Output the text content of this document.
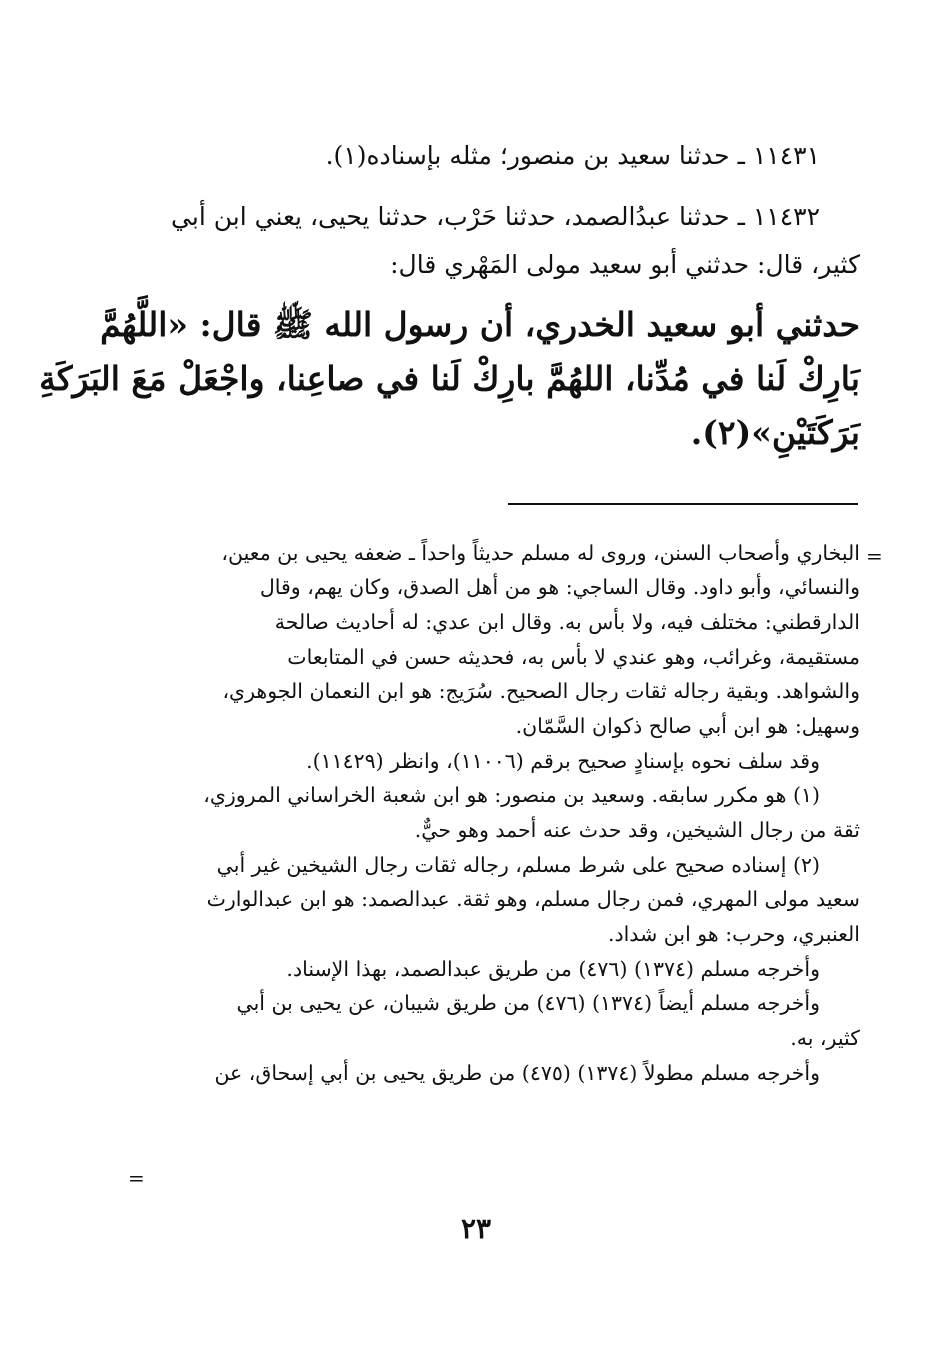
١١٤٣١ ـ حدثنا سعيد بن منصور؛ مثله بإسناده(١).
١١٤٣٢ ـ حدثنا عبدُالصمد، حدثنا حَرْب، حدثنا يحيى، يعني ابن أبي
كثير، قال: حدثني أبو سعيد مولى المَهْري قال:
حدثني أبو سعيد الخدري، أن رسول الله ﷺ قال: «اللَّهُمَّ
بَارِكْ لَنا في مُدِّنا، اللهُمَّ بارِكْ لَنا في صاعِنا، واجْعَلْ مَعَ البَرَكَةِ
بَرَكَتَيْنِ»(٢).
=
=
البخاري وأصحاب السنن، وروى له مسلم حديثاً واحداً ـ ضعفه يحيى بن معين،
والنسائي، وأبو داود. وقال الساجي: هو من أهل الصدق، وكان يهم، وقال
الدارقطني: مختلف فيه، ولا بأس به. وقال ابن عدي: له أحاديث صالحة
مستقيمة، وغرائب، وهو عندي لا بأس به، فحديثه حسن في المتابعات
والشواهد. وبقية رجاله ثقات رجال الصحيح. سُرَيج: هو ابن النعمان الجوهري،
وسهيل: هو ابن أبي صالح ذكوان السَّمّان.
وقد سلف نحوه بإسنادٍ صحيح برقم (١١٠٠٦)، وانظر (١١٤٢٩).
(١) هو مكرر سابقه. وسعيد بن منصور: هو ابن شعبة الخراساني المروزي،
ثقة من رجال الشيخين، وقد حدث عنه أحمد وهو حيٌّ.
(٢) إسناده صحيح على شرط مسلم، رجاله ثقات رجال الشيخين غير أبي
سعيد مولى المهري، فمن رجال مسلم، وهو ثقة. عبدالصمد: هو ابن عبدالوارث
العنبري، وحرب: هو ابن شداد.
وأخرجه مسلم (١٣٧٤) (٤٧٦) من طريق عبدالصمد، بهذا الإسناد.
وأخرجه مسلم أيضاً (١٣٧٤) (٤٧٦) من طريق شيبان، عن يحيى بن أبي
كثير، به.
وأخرجه مسلم مطولاً (١٣٧٤) (٤٧٥) من طريق يحيى بن أبي إسحاق، عن
٢٣
